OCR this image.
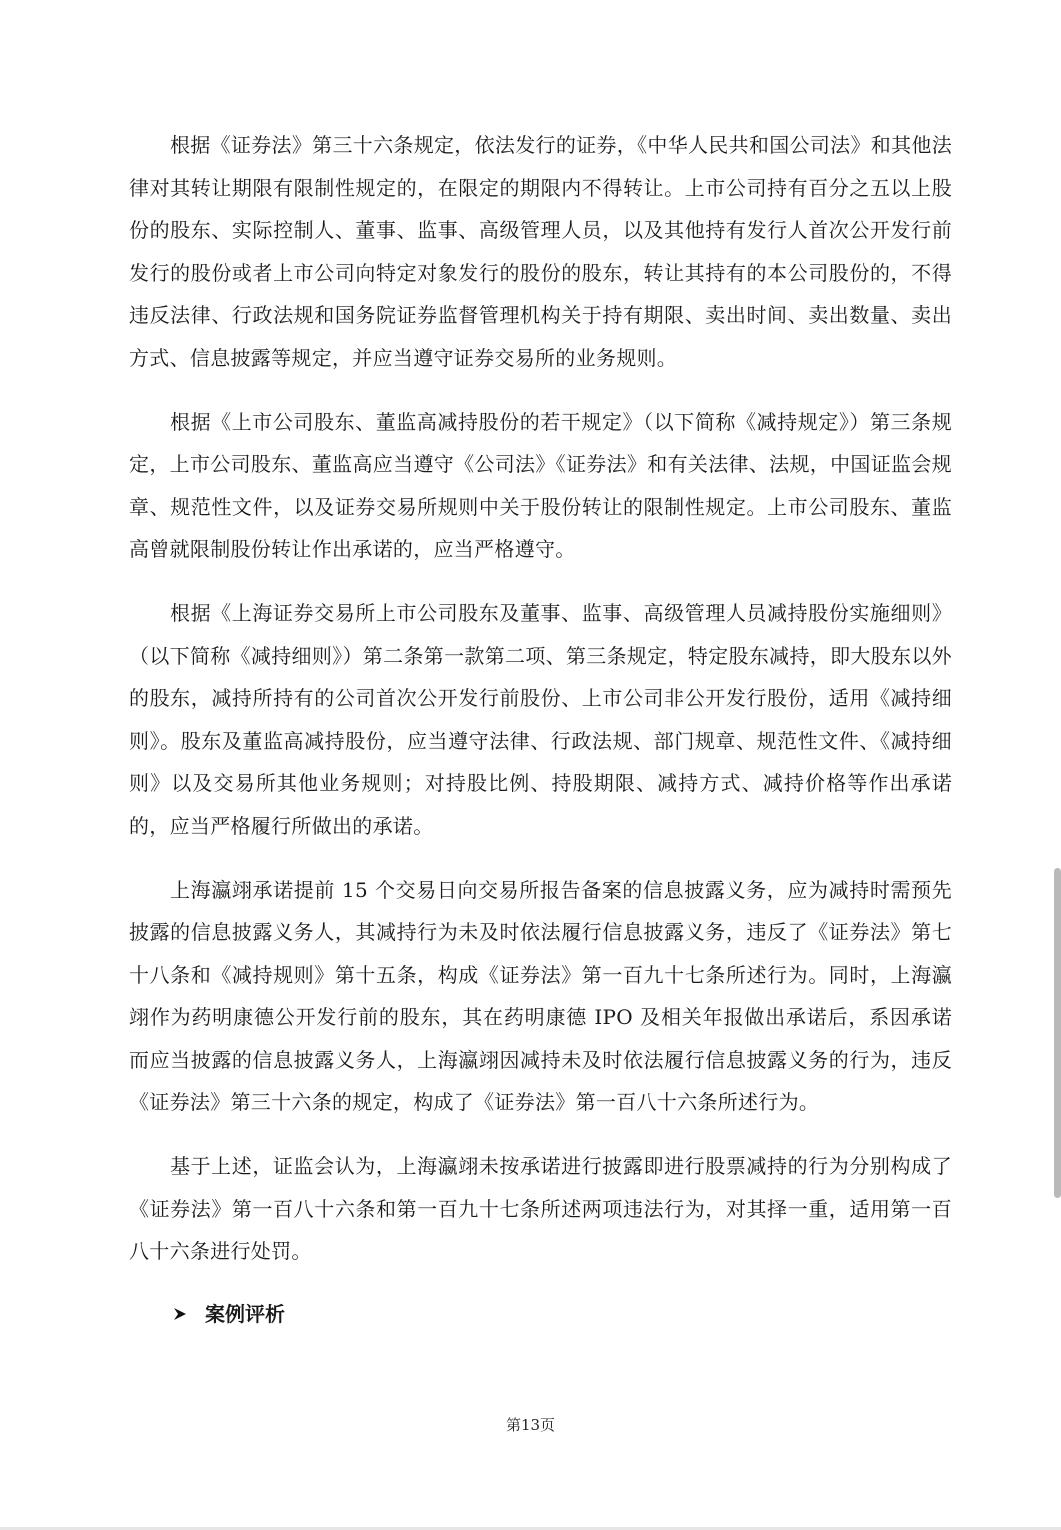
根据《证券法》第三十六条规定，依法发行的证券，《中华人民共和国公司法》和其他法律对其转让期限有限制性规定的，在限定的期限内不得转让。上市公司持有百分之五以上股份的股东、实际控制人、董事、监事、高级管理人员，以及其他持有发行人首次公开发行前发行的股份或者上市公司向特定对象发行的股份的股东，转让其持有的本公司股份的，不得违反法律、行政法规和国务院证券监督管理机构关于持有期限、卖出时间、卖出数量、卖出方式、信息披露等规定，并应当遵守证券交易所的业务规则。

根据《上市公司股东、董监高减持股份的若干规定》（以下简称《减持规定》）第三条规定，上市公司股东、董监高应当遵守《公司法》《证券法》和有关法律、法规，中国证监会规章、规范性文件，以及证券交易所规则中关于股份转让的限制性规定。上市公司股东、董监高曾就限制股份转让作出承诺的，应当严格遵守。

根据《上海证券交易所上市公司股东及董事、监事、高级管理人员减持股份实施细则》（以下简称《减持细则》）第二条第一款第二项、第三条规定，特定股东减持，即大股东以外的股东，减持所持有的公司首次公开发行前股份、上市公司非公开发行股份，适用《减持细则》。股东及董监高减持股份，应当遵守法律、行政法规、部门规章、规范性文件、《减持细则》以及交易所其他业务规则；对持股比例、持股期限、减持方式、减持价格等作出承诺的，应当严格履行所做出的承诺。

上海瀛翊承诺提前 15 个交易日向交易所报告备案的信息披露义务，应为减持时需预先披露的信息披露义务人，其减持行为未及时依法履行信息披露义务，违反了《证券法》第七十八条和《减持规则》第十五条，构成《证券法》第一百九十七条所述行为。同时，上海瀛翊作为药明康德公开发行前的股东，其在药明康德 IPO 及相关年报做出承诺后，系因承诺而应当披露的信息披露义务人，上海瀛翊因减持未及时依法履行信息披露义务的行为，违反《证券法》第三十六条的规定，构成了《证券法》第一百八十六条所述行为。

基于上述，证监会认为，上海瀛翊未按承诺进行披露即进行股票减持的行为分别构成了《证券法》第一百八十六条和第一百九十七条所述两项违法行为，对其择一重，适用第一百八十六条进行处罚。

案例评析
第13页
